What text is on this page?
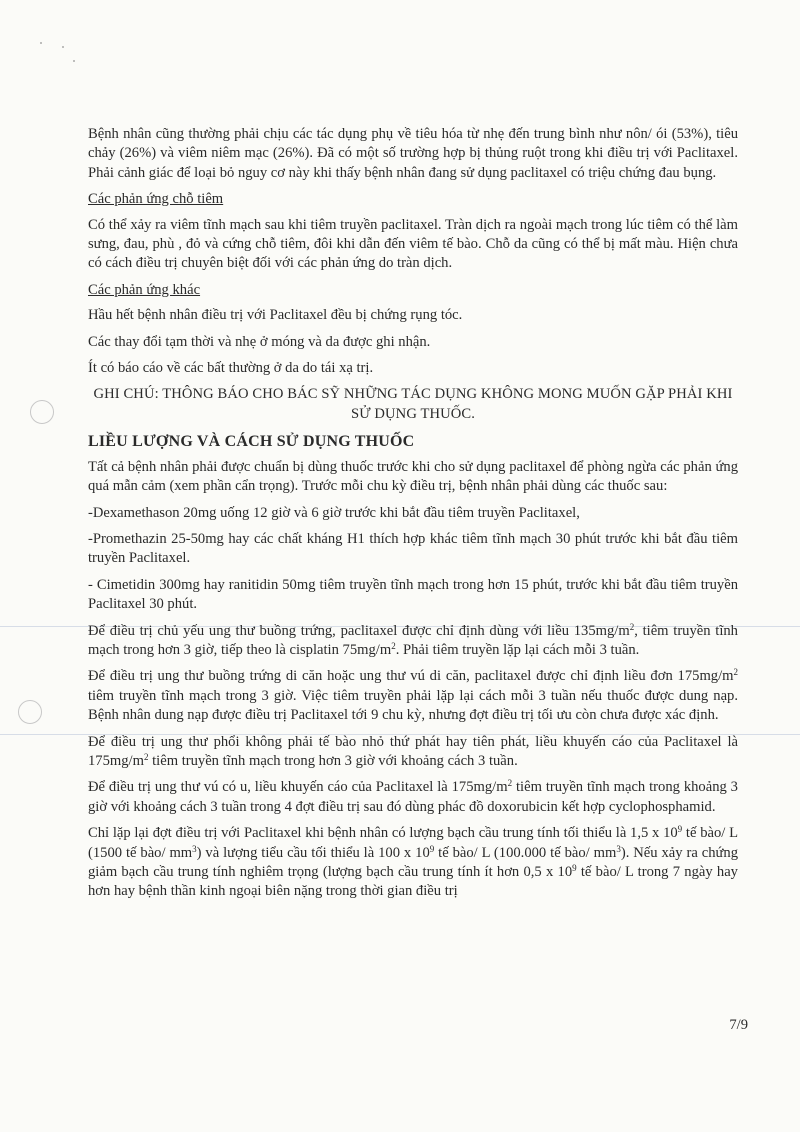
Bệnh nhân cũng thường phải chịu các tác dụng phụ về tiêu hóa từ nhẹ đến trung bình như nôn/ ói (53%), tiêu chảy (26%) và viêm niêm mạc (26%). Đã có một số trường hợp bị thủng ruột trong khi điều trị với Paclitaxel. Phải cảnh giác để loại bỏ nguy cơ này khi thấy bệnh nhân đang sử dụng paclitaxel có triệu chứng đau bụng.

Các phản ứng chỗ tiêm

Có thể xảy ra viêm tĩnh mạch sau khi tiêm truyền paclitaxel. Tràn dịch ra ngoài mạch trong lúc tiêm có thể làm sưng, đau, phù , đỏ và cứng chỗ tiêm, đôi khi dẫn đến viêm tế bào. Chỗ da cũng có thể bị mất màu. Hiện chưa có cách điều trị chuyên biệt đối với các phản ứng do tràn dịch.

Các phản ứng khác

Hầu hết bệnh nhân điều trị với Paclitaxel đều bị chứng rụng tóc.

Các thay đổi tạm thời và nhẹ ở móng và da được ghi nhận.

Ít có báo cáo về các bất thường ở da do tái xạ trị.

GHI CHÚ: THÔNG BÁO CHO BÁC SỸ NHỮNG TÁC DỤNG KHÔNG MONG MUỐN GẶP PHẢI KHI SỬ DỤNG THUỐC.
LIỀU LƯỢNG VÀ CÁCH SỬ DỤNG THUỐC

Tất cả bệnh nhân phải được chuẩn bị dùng thuốc trước khi cho sử dụng paclitaxel để phòng ngừa các phản ứng quá mẫn cảm (xem phần cẩn trọng). Trước mỗi chu kỳ điều trị, bệnh nhân phải dùng các thuốc sau:

-Dexamethason 20mg uống 12 giờ và 6 giờ trước khi bắt đầu tiêm truyền Paclitaxel,

-Promethazin 25-50mg hay các chất kháng H1 thích hợp khác tiêm tĩnh mạch 30 phút trước khi bắt đầu tiêm truyền Paclitaxel.

- Cimetidin 300mg hay ranitidin 50mg tiêm truyền tĩnh mạch trong hơn 15 phút, trước khi bắt đầu tiêm truyền Paclitaxel 30 phút.

Để điều trị chủ yếu ung thư buồng trứng, paclitaxel được chỉ định dùng với liều $135mg/m^2$, tiêm truyền tĩnh mạch trong hơn 3 giờ, tiếp theo là cisplatin $75mg/m^2$. Phải tiêm truyền lặp lại cách mỗi 3 tuần.

Để điều trị ung thư buồng trứng di căn hoặc ung thư vú di căn, paclitaxel được chỉ định liều đơn $175mg/m^2$ tiêm truyền tĩnh mạch trong 3 giờ. Việc tiêm truyền phải lặp lại cách mỗi 3 tuần nếu thuốc được dung nạp. Bệnh nhân dung nạp được điều trị Paclitaxel tới 9 chu kỳ, nhưng đợt điều trị tối ưu còn chưa được xác định.

Để điều trị ung thư phổi không phải tế bào nhỏ thứ phát hay tiên phát, liều khuyến cáo của Paclitaxel là $175mg/m^2$ tiêm truyền tĩnh mạch trong hơn 3 giờ với khoảng cách 3 tuần.

Để điều trị ung thư vú có u, liều khuyến cáo của Paclitaxel là $175mg/m^2$ tiêm truyền tĩnh mạch trong khoảng 3 giờ với khoảng cách 3 tuần trong 4 đợt điều trị sau đó dùng phác đồ doxorubicin kết hợp cyclophosphamid.

Chỉ lặp lại đợt điều trị với Paclitaxel khi bệnh nhân có lượng bạch cầu trung tính tối thiểu là 1,5 x $10^9$ tế bào/ L (1500 tế bào/ $mm^3$) và lượng tiểu cầu tối thiểu là 100 x $10^9$ tế bào/ L (100.000 tế bào/ $mm^3$). Nếu xảy ra chứng giảm bạch cầu trung tính nghiêm trọng (lượng bạch cầu trung tính ít hơn 0,5 x $10^9$ tế bào/ L trong 7 ngày hay hơn hay bệnh thần kinh ngoại biên nặng trong thời gian điều trị

7/9
